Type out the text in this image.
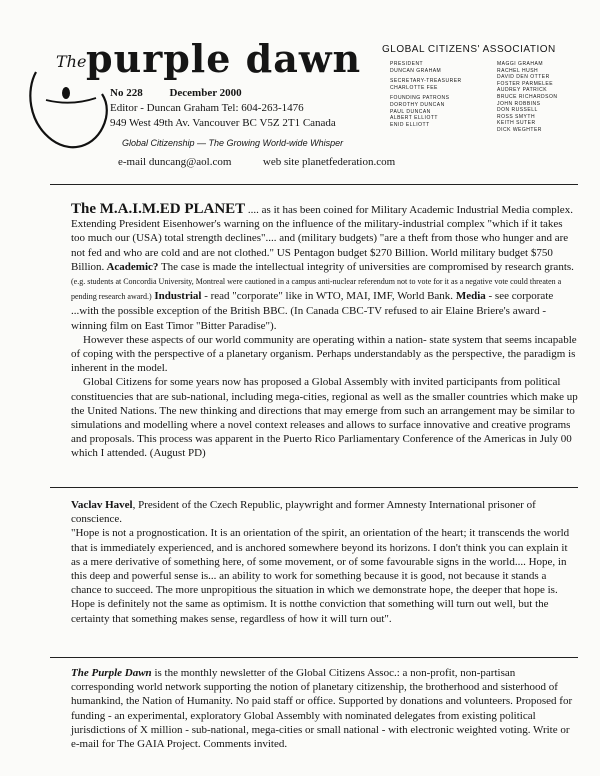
The purple dawn
No 228 December 2000
Editor - Duncan Graham Tel: 604-263-1476
949 West 49th Av. Vancouver BC V5Z 2T1 Canada
Global Citizenship — The Growing World-wide Whisper
e-mail duncang@aol.com	web site planetfederation.com
GLOBAL CITIZENS' ASSOCIATION
PRESIDENT
DUNCAN GRAHAM
SECRETARY-TREASURER
CHARLOTTE FEE
FOUNDING PATRONS
DOROTHY DUNCAN
PAUL DUNCAN
ALBERT ELLIOTT
ENID ELLIOTT
MAGGI GRAHAM
RACHEL HUSH
DAVID DEN OTTER
FOSTER PARMELEE
AUDREY PATRICK
BRUCE RICHARDSON
JOHN ROBBINS
DON RUSSELL
ROSS SMYTH
KEITH SUTER
DICK WEGHTER

The M.A.I.M.ED PLANET .... as it has been coined for Military Academic Industrial Media complex. Extending President Eisenhower's warning on the influence of the military-industrial complex "which if it takes too much our (USA) total strength declines".... and (military budgets) "are a theft from those who hunger and are not fed and who are cold and are not clothed." US Pentagon budget $270 Billion. World military budget $750 Billion. Academic? The case is made the intellectual integrity of universities are compromised by research grants. (e.g. students at Concordia University, Montreal were cautioned in a campus anti-nuclear referendum not to vote for it as a negative vote could threaten a pending research award.) Industrial - read "corporate" like in WTO, MAI, IMF, World Bank. Media - see corporate ...with the possible exception of the British BBC. (In Canada CBC-TV refused to air Elaine Briere's award -winning film on East Timor "Bitter Paradise").

However these aspects of our world community are operating within a nation- state system that seems incapable of coping with the perspective of a planetary organism. Perhaps understandably as the perspective, the paradigm is inherent in the model.

Global Citizens for some years now has proposed a Global Assembly with invited participants from political constituencies that are sub-national, including mega-cities, regional as well as the smaller countries which make up the United Nations. The new thinking and directions that may emerge from such an arrangement may be similar to simulations and modelling where a novel context releases and allows to surface innovative and creative programs and proposals. This process was apparent in the Puerto Rico Parliamentary Conference of the Americas in July 00 which I attended. (August PD)

Vaclav Havel, President of the Czech Republic, playwright and former Amnesty International prisoner of conscience.

"Hope is not a prognostication. It is an orientation of the spirit, an orientation of the heart; it transcends the world that is immediately experienced, and is anchored somewhere beyond its horizons. I don't think you can explain it as a mere derivative of something here, of some movement, or of some favourable signs in the world.... Hope, in this deep and powerful sense is... an ability to work for something because it is good, not because it stands a chance to succeed. The more unpropitious the situation in which we demonstrate hope, the deeper that hope is. Hope is definitely not the same as optimism. It is notthe conviction that something will turn out well, but the certainty that something makes sense, regardless of how it will turn out".

The Purple Dawn is the monthly newsletter of the Global Citizens Assoc.: a non-profit, non-partisan corresponding world network supporting the notion of planetary citizenship, the brotherhood and sisterhood of humankind, the Nation of Humanity. No paid staff or office. Supported by donations and volunteers. Proposed for funding - an experimental, exploratory Global Assembly with nominated delegates from existing political jurisdictions of X million - sub-national, mega-cities or small national - with electronic weighted voting. Write or e-mail for The GAIA Project. Comments invited.
